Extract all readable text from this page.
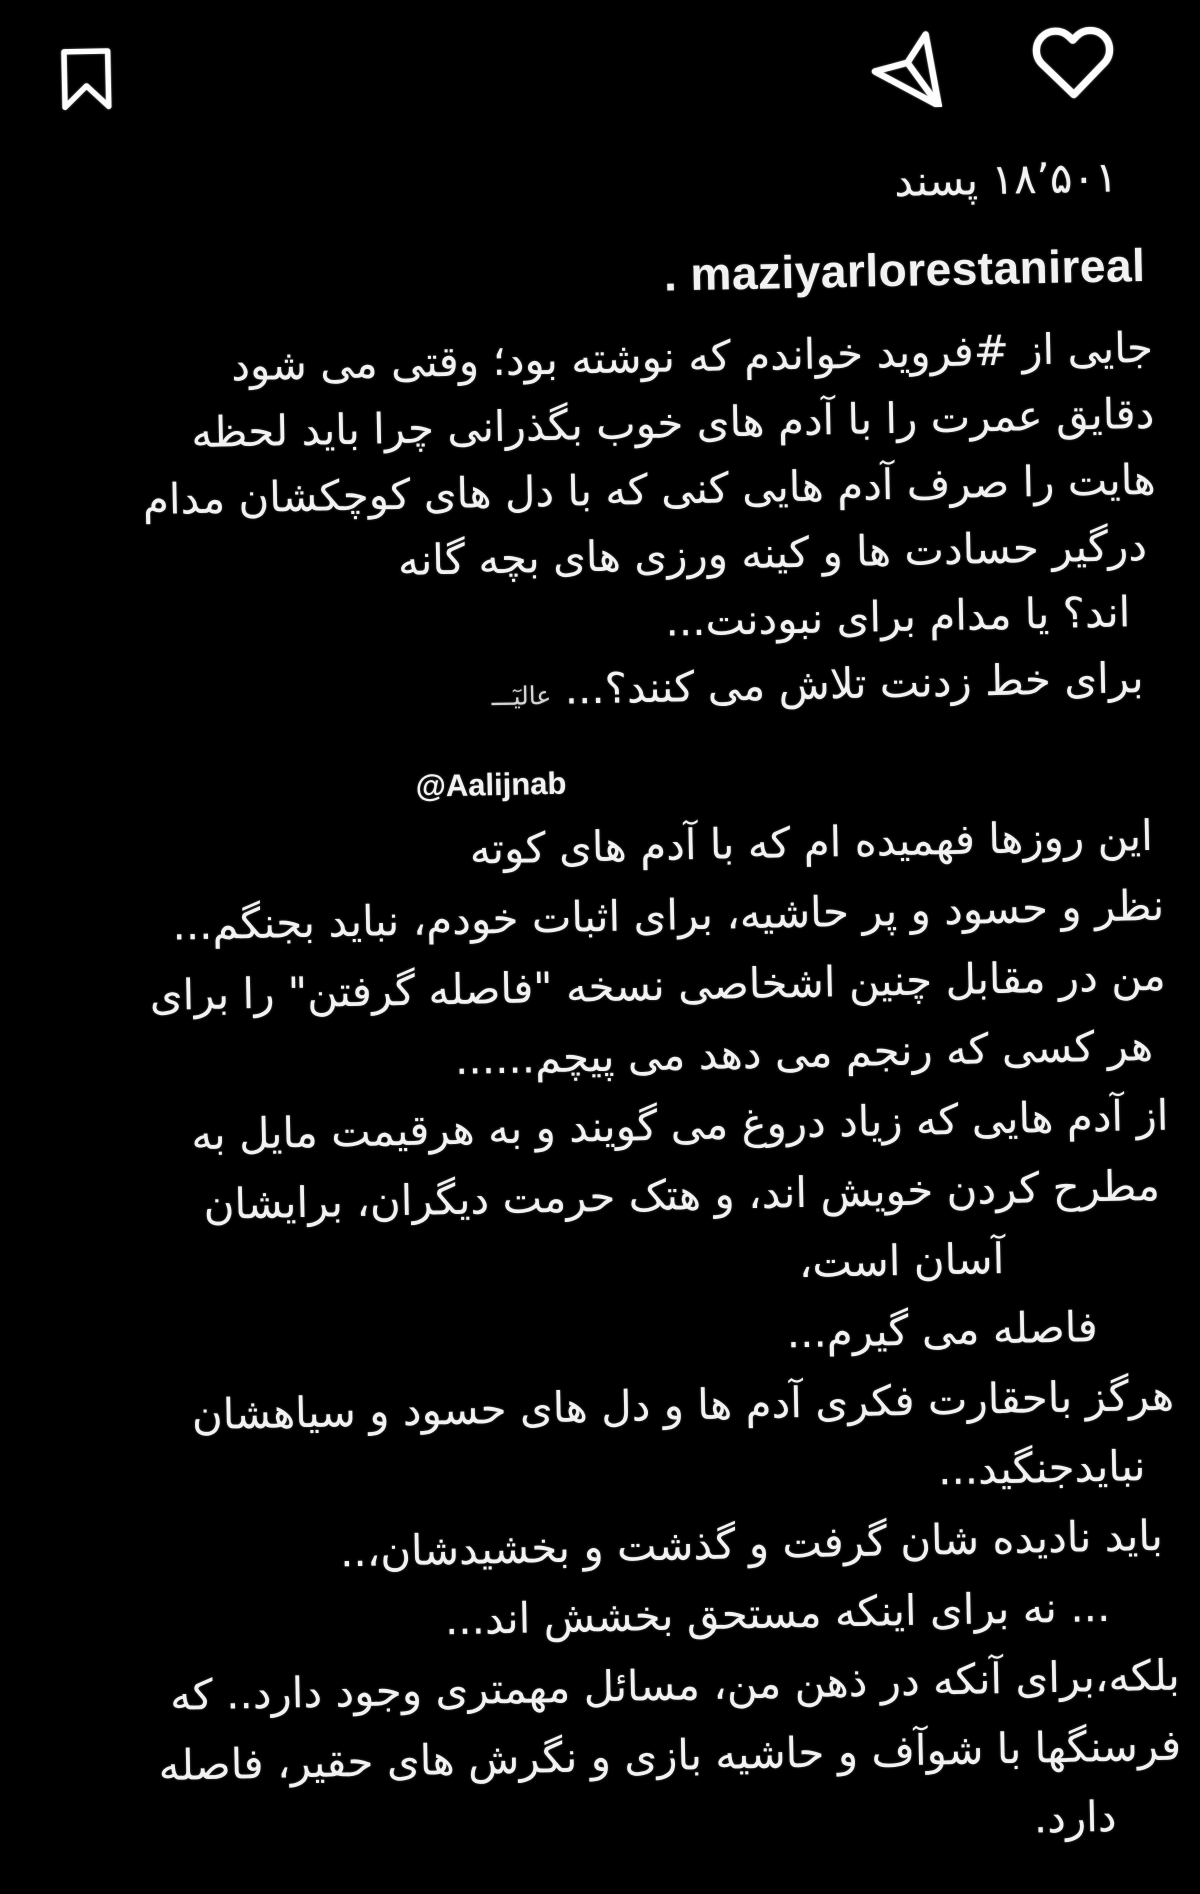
۱۸٬۵۰۱ پسند
. maziyarlorestanireal
جایی از #فروید خواندم که نوشته بود؛ وقتی می شود
دقایق عمرت را با آدم های خوب بگذرانی چرا باید لحظه
هایت را صرف آدم هایی کنی که با دل های کوچکشان مدام
درگیر حسادت ها و کینه ورزی های بچه گانه
اند؟ یا مدام برای نبودنت...
برای خط زدنت تلاش می کنند؟... عالیٓـــ
@Aalijnab
این روزها فهمیده ام که با آدم های کوته
نظر و حسود و پر حاشیه، برای اثبات خودم، نباید بجنگم...
من در مقابل چنین اشخاصی نسخه "فاصله گرفتن" را برای
هر کسی که رنجم می دهد می پیچم......
از آدم هایی که زیاد دروغ می گویند و به هرقیمت مایل به
مطرح کردن خویش اند، و هتک حرمت دیگران، برایشان
آسان است،
فاصله می گیرم...
هرگز باحقارت فکری آدم ها و دل های حسود و سیاهشان
نبایدجنگید...
باید نادیده شان گرفت و گذشت و بخشیدشان،..
... نه برای اینکه مستحق بخشش اند...
بلکه،برای آنکه در ذهن من، مسائل مهمتری وجود دارد.. که
فرسنگها با شوآف و حاشیه بازی و نگرش های حقیر، فاصله
دارد.
